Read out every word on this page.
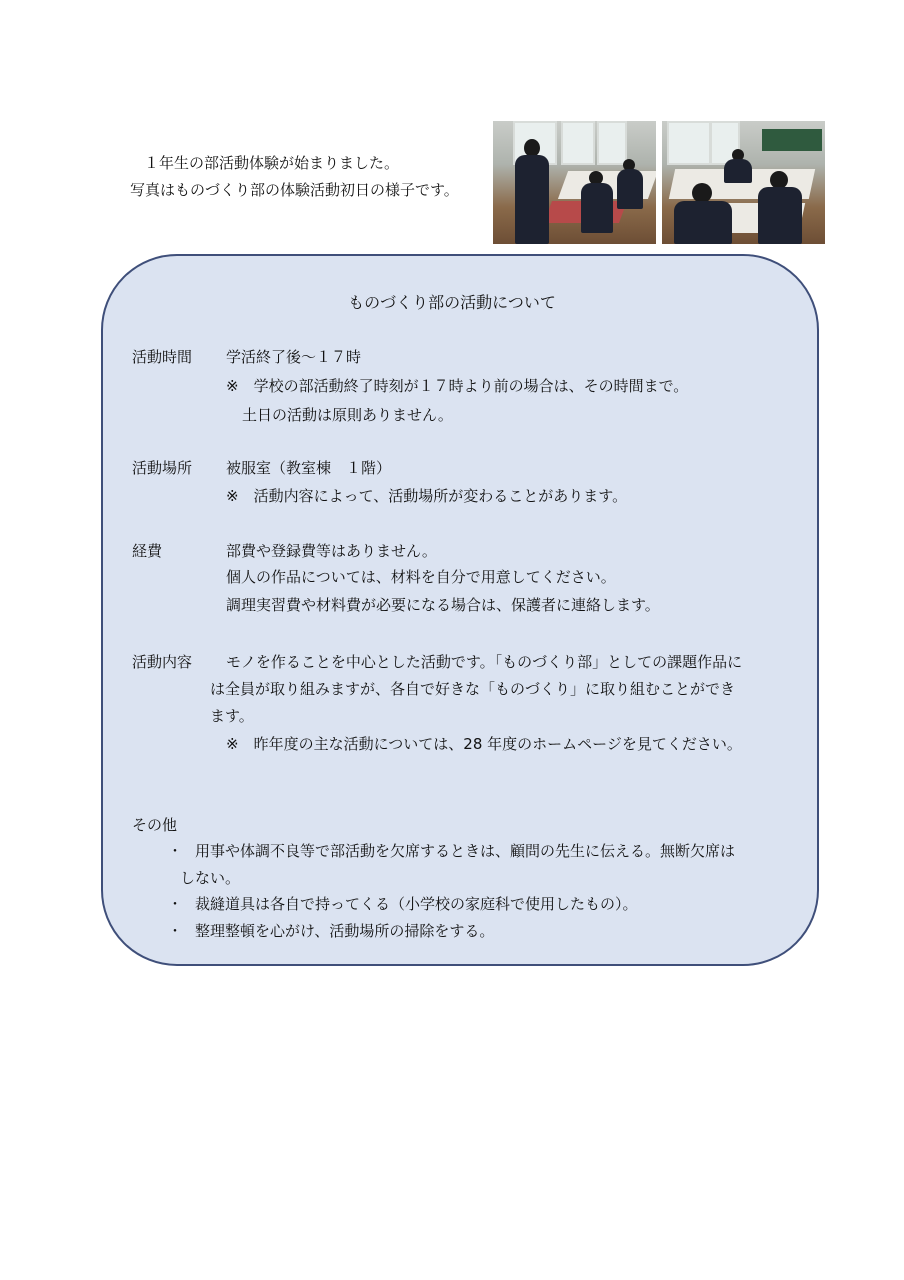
１年生の部活動体験が始まりました。
写真はものづくり部の体験活動初日の様子です。
ものづくり部の活動について
活動時間 学活終了後～１７時
※　学校の部活動終了時刻が１７時より前の場合は、その時間まで。
土日の活動は原則ありません。
活動場所 被服室（教室棟　１階）
※　活動内容によって、活動場所が変わることがあります。
経費	部費や登録費等はありません。
個人の作品については、材料を自分で用意してください。
調理実習費や材料費が必要になる場合は、保護者に連絡します。
活動内容 モノを作ることを中心とした活動です。「ものづくり部」としての課題作品に
は全員が取り組みますが、各自で好きな「ものづくり」に取り組むことができ
ます。
※　昨年度の主な活動については、28 年度のホームページを見てください。
その他
・ 用事や体調不良等で部活動を欠席するときは、顧問の先生に伝える。無断欠席は
しない。
・ 裁縫道具は各自で持ってくる（小学校の家庭科で使用したもの）。
・ 整理整頓を心がけ、活動場所の掃除をする。
